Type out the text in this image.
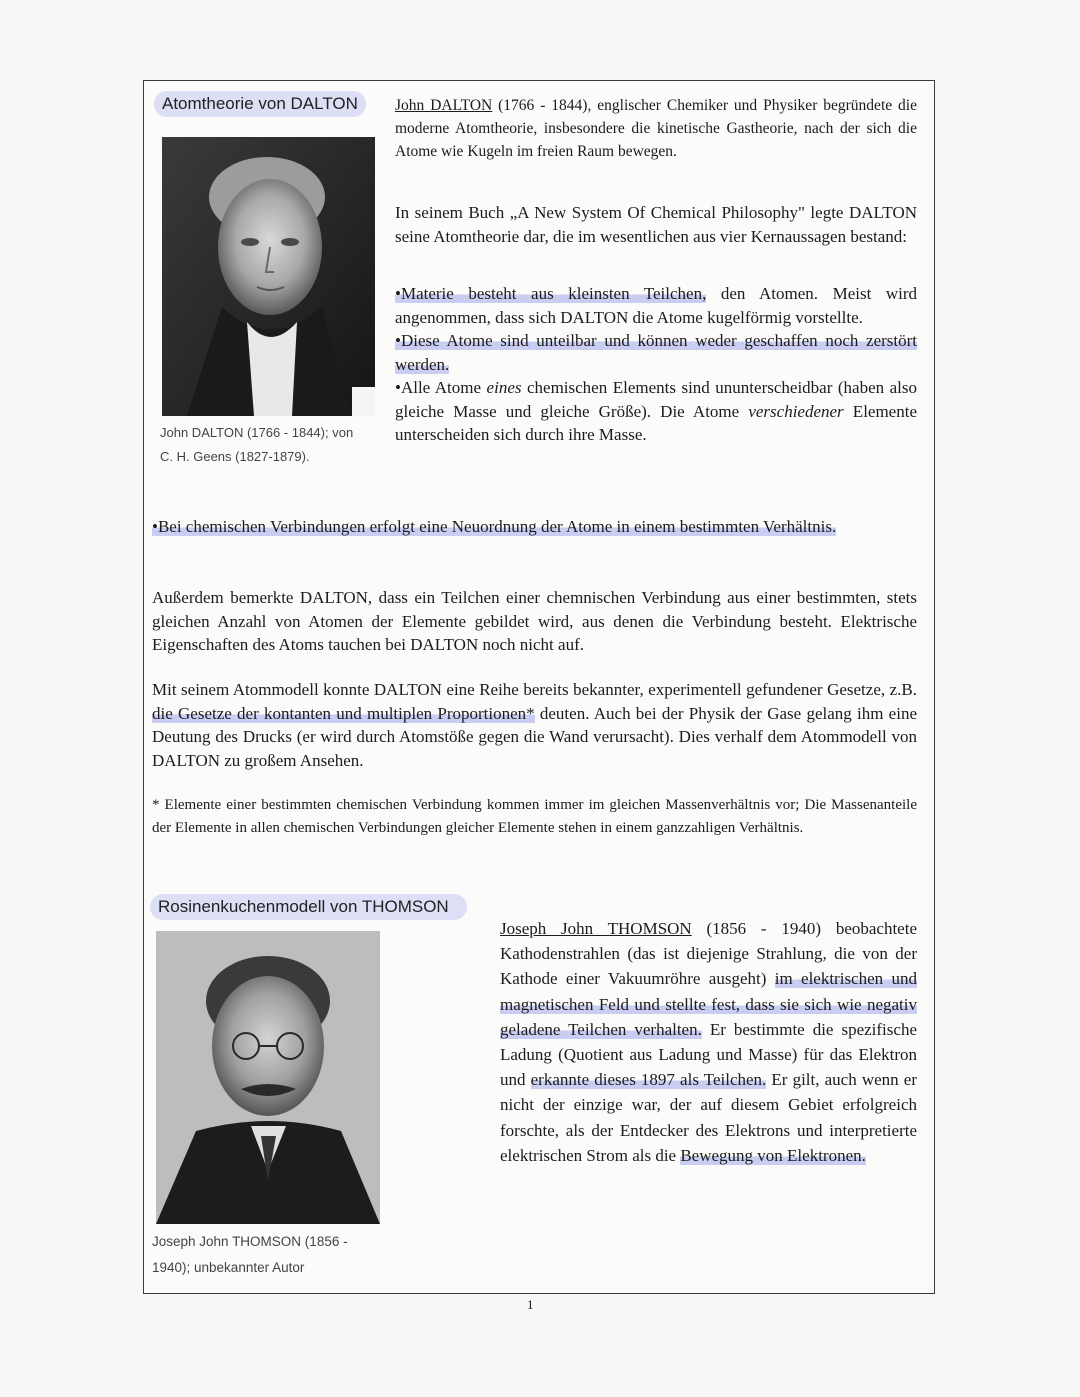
Atomtheorie von DALTON
John DALTON (1766 - 1844); von
C. H. Geens (1827-1879).
John DALTON (1766 - 1844), englischer Chemiker und Physiker begründete die moderne Atomtheorie, insbesondere die kinetische Gastheorie, nach der sich die Atome wie Kugeln im freien Raum bewegen.
In seinem Buch „A New System Of Chemical Philosophy" legte DALTON seine Atomtheorie dar, die im wesentlichen aus vier Kernaussagen bestand:
•Materie besteht aus kleinsten Teilchen, den Atomen. Meist wird angenommen, dass sich DALTON die Atome kugelförmig vorstellte.
•Diese Atome sind unteilbar und können weder geschaffen noch zerstört werden.
•Alle Atome eines chemischen Elements sind ununterscheidbar (haben also gleiche Masse und gleiche Größe). Die Atome verschiedener Elemente unterscheiden sich durch ihre Masse.
•Bei chemischen Verbindungen erfolgt eine Neuordnung der Atome in einem bestimmten Verhältnis.
Außerdem bemerkte DALTON, dass ein Teilchen einer chemnischen Verbindung aus einer bestimmten, stets gleichen Anzahl von Atomen der Elemente gebildet wird, aus denen die Verbindung besteht. Elektrische Eigenschaften des Atoms tauchen bei DALTON noch nicht auf.
Mit seinem Atommodell konnte DALTON eine Reihe bereits bekannter, experimentell gefundener Gesetze, z.B. die Gesetze der kontanten und multiplen Proportionen* deuten. Auch bei der Physik der Gase gelang ihm eine Deutung des Drucks (er wird durch Atomstöße gegen die Wand verursacht). Dies verhalf dem Atommodell von DALTON zu großem Ansehen.
* Elemente einer bestimmten chemischen Verbindung kommen immer im gleichen Massenverhältnis vor; Die Massenanteile der Elemente in allen chemischen Verbindungen gleicher Elemente stehen in einem ganzzahligen Verhältnis.
Rosinenkuchenmodell von THOMSON
Joseph John THOMSON (1856 -
1940); unbekannter Autor
Joseph John THOMSON (1856 - 1940) beobachtete Kathodenstrahlen (das ist diejenige Strahlung, die von der Kathode einer Vakuumröhre ausgeht) im elektrischen und magnetischen Feld und stellte fest, dass sie sich wie negativ geladene Teilchen verhalten. Er bestimmte die spezifische Ladung (Quotient aus Ladung und Masse) für das Elektron und erkannte dieses 1897 als Teilchen. Er gilt, auch wenn er nicht der einzige war, der auf diesem Gebiet erfolgreich forschte, als der Entdecker des Elektrons und interpretierte elektrischen Strom als die Bewegung von Elektronen.
1
